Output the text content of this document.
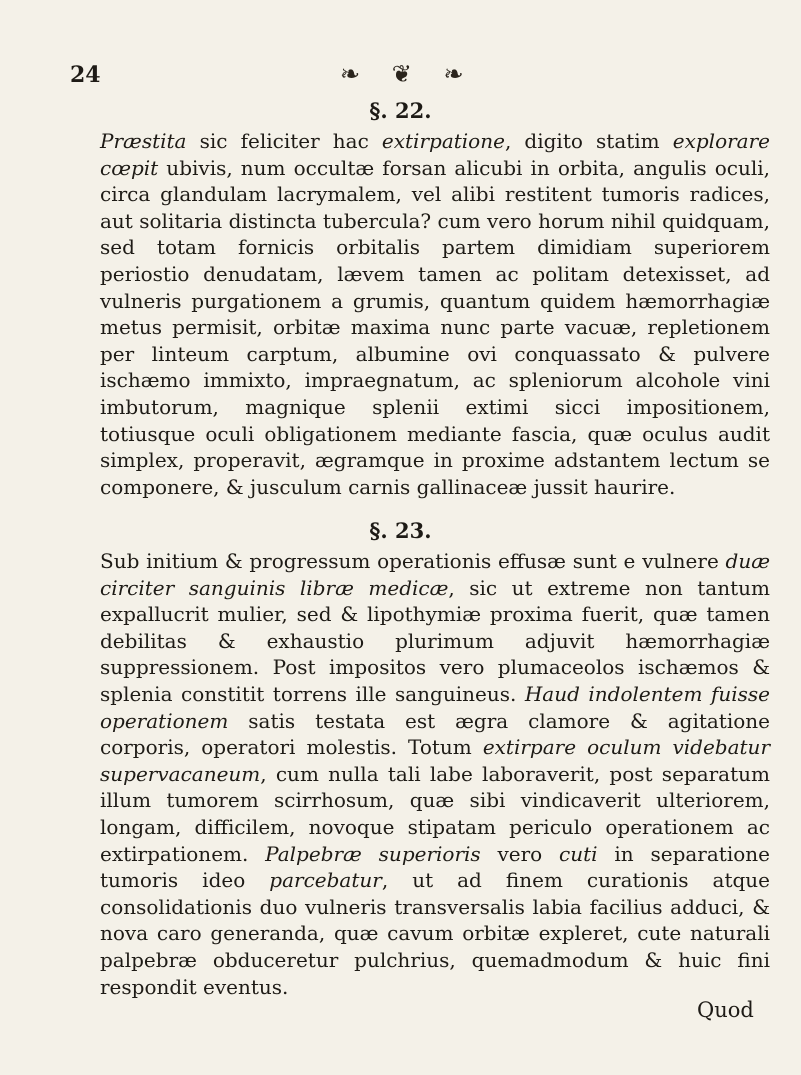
24	❧ ❦ ❧
§. 22.
Præstita sic feliciter hac extirpatione, digito statim explorare cœpit ubivis, num occultæ forsan alicubi in orbita, angulis oculi, circa glandulam lacrymalem, vel alibi restitent tumoris radices, aut solitaria distincta tubercula? cum vero horum nihil quidquam, sed totam fornicis orbitalis partem dimidiam superiorem periostio denudatam, lævem tamen ac politam detexisset, ad vulneris purgationem a grumis, quantum quidem hæmorrhagiæ metus permisit, orbitæ maxima nunc parte vacuæ, repletionem per linteum carptum, albumine ovi conquassato & pulvere ischæmo immixto, impraegnatum, ac spleniorum alcohole vini imbutorum, magnique splenii extimi sicci impositionem, totiusque oculi obligationem mediante fascia, quæ oculus audit simplex, properavit, ægramque in proxime adstantem lectum se componere, & jusculum carnis gallinaceæ jussit haurire.
§. 23.
Sub initium & progressum operationis effusæ sunt e vulnere duæ circiter sanguinis libræ medicæ, sic ut extreme non tantum expallucrit mulier, sed & lipothymiæ proxima fuerit, quæ tamen debilitas & exhaustio plurimum adjuvit hæmorrhagiæ suppressionem. Post impositos vero plumaceolos ischæmos & splenia constitit torrens ille sanguineus. Haud indolentem fuisse operationem satis testata est ægra clamore & agitatione corporis, operatori molestis. Totum extirpare oculum videbatur supervacaneum, cum nulla tali labe laboraverit, post separatum illum tumorem scirrhosum, quæ sibi vindicaverit ulteriorem, longam, difficilem, novoque stipatam periculo operationem ac extirpationem. Palpebræ superioris vero cuti in separatione tumoris ideo parcebatur, ut ad finem curationis atque consolidationis duo vulneris transversalis labia facilius adduci, & nova caro generanda, quæ cavum orbitæ expleret, cute naturali palpebræ obduceretur pulchrius, quemadmodum & huic fini respondit eventus.
Quod
